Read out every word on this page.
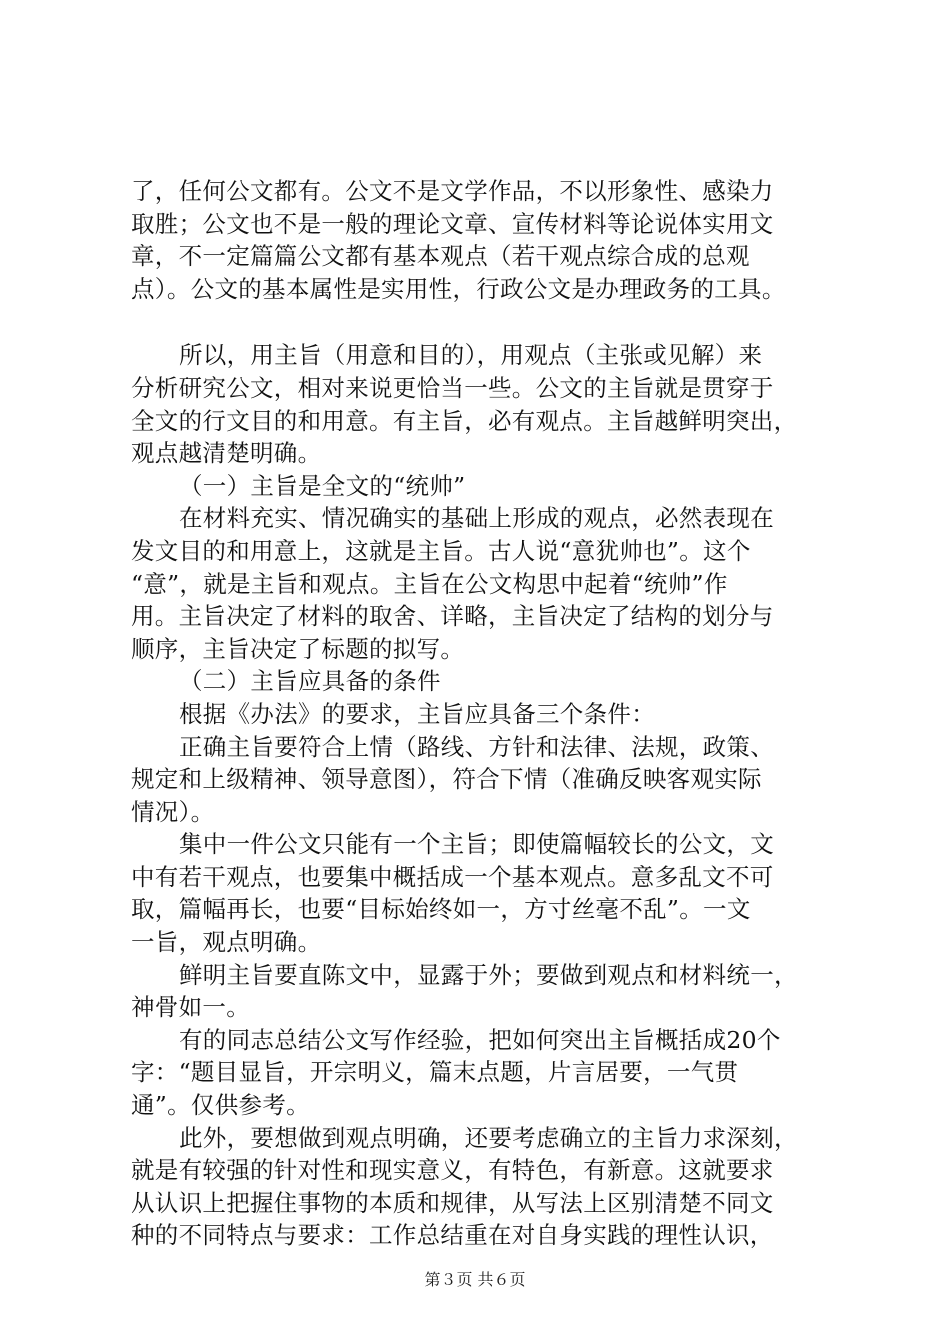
了，任何公文都有。公文不是文学作品，不以形象性、感染力
取胜；公文也不是一般的理论文章、宣传材料等论说体实用文
章，不一定篇篇公文都有基本观点（若干观点综合成的总观
点）。公文的基本属性是实用性，行政公文是办理政务的工具。
所以，用主旨（用意和目的），用观点（主张或见解）来
分析研究公文，相对来说更恰当一些。公文的主旨就是贯穿于
全文的行文目的和用意。有主旨，必有观点。主旨越鲜明突出，
观点越清楚明确。
（一）主旨是全文的“统帅”
在材料充实、情况确实的基础上形成的观点，必然表现在
发文目的和用意上，这就是主旨。古人说“意犹帅也”。这个
“意”，就是主旨和观点。主旨在公文构思中起着“统帅”作
用。主旨决定了材料的取舍、详略，主旨决定了结构的划分与
顺序，主旨决定了标题的拟写。
（二）主旨应具备的条件
根据《办法》的要求，主旨应具备三个条件：
正确主旨要符合上情（路线、方针和法律、法规，政策、
规定和上级精神、领导意图），符合下情（准确反映客观实际
情况）。
集中一件公文只能有一个主旨；即使篇幅较长的公文，文
中有若干观点，也要集中概括成一个基本观点。意多乱文不可
取，篇幅再长，也要“目标始终如一，方寸丝毫不乱”。一文
一旨，观点明确。
鲜明主旨要直陈文中，显露于外；要做到观点和材料统一，
神骨如一。
有的同志总结公文写作经验，把如何突出主旨概括成20个
字：“题目显旨，开宗明义，篇末点题，片言居要，一气贯
通”。仅供参考。
此外，要想做到观点明确，还要考虑确立的主旨力求深刻，
就是有较强的针对性和现实意义，有特色，有新意。这就要求
从认识上把握住事物的本质和规律，从写法上区别清楚不同文
种的不同特点与要求：工作总结重在对自身实践的理性认识，
第３页 共６页
